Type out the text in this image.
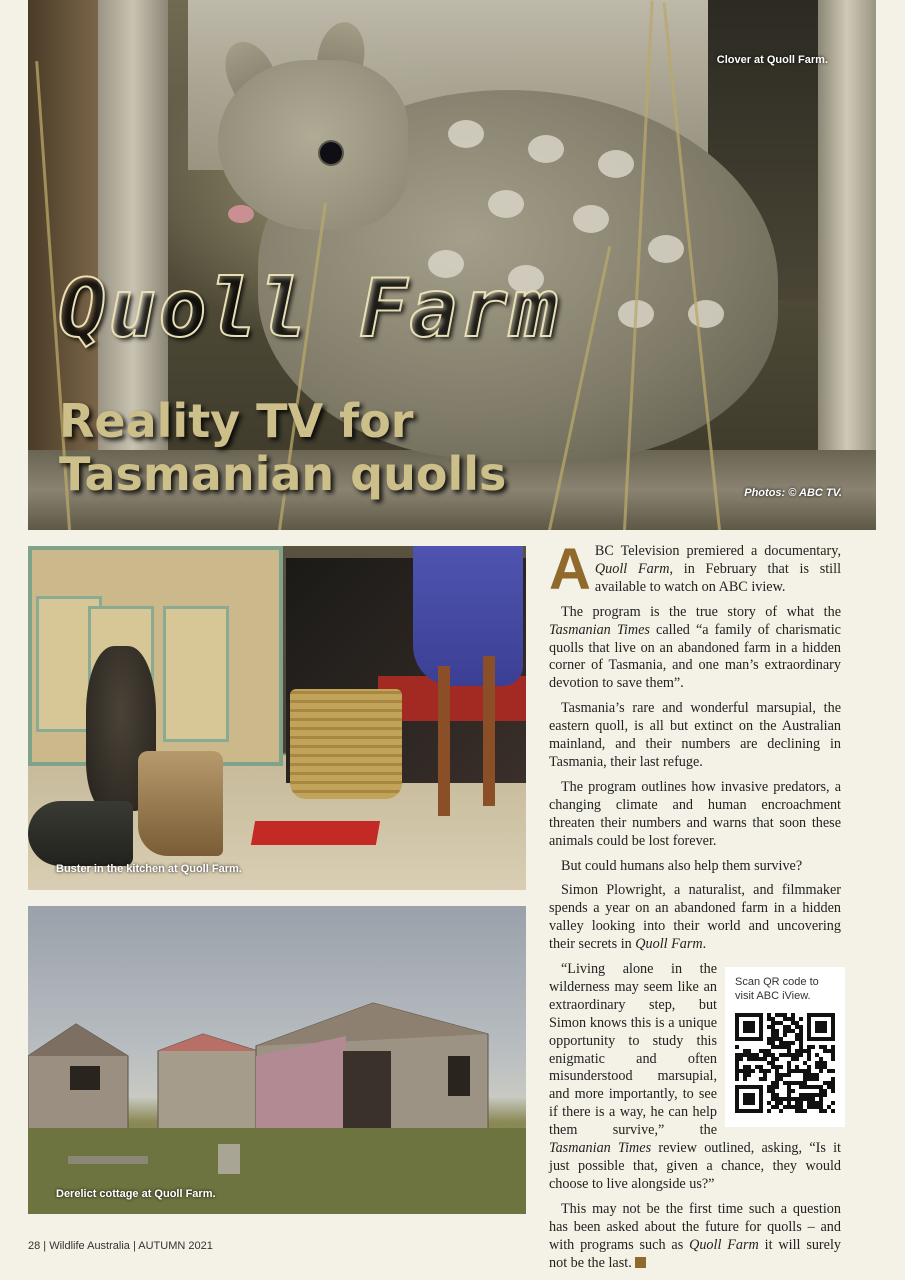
Clover at Quoll Farm.
Quoll Farm
Reality TV for Tasmanian quolls	Photos: © ABC TV.
Buster in the kitchen at Quoll Farm.
Derelict cottage at Quoll Farm.

ABC Television premiered a documentary, Quoll Farm, in February that is still available to watch on ABC iview.

The program is the true story of what the Tasmanian Times called “a family of charismatic quolls that live on an abandoned farm in a hidden corner of Tasmania, and one man’s extraordinary devotion to save them”.

Tasmania’s rare and wonderful marsupial, the eastern quoll, is all but extinct on the Australian mainland, and their numbers are declining in Tasmania, their last refuge.

The program outlines how invasive predators, a changing climate and human encroachment threaten their numbers and warns that soon these animals could be lost forever.

But could humans also help them survive?

Simon Plowright, a naturalist, and filmmaker spends a year on an abandoned farm in a hidden valley looking into their world and uncovering their secrets in Quoll Farm.

Scan QR code to visit ABC iView.
“Living alone in the wilderness may seem like an extraordinary step, but Simon knows this is a unique opportunity to study this enigmatic and often misunderstood marsupial, and more importantly, to see if there is a way, he can help them survive,” the Tasmanian Times review outlined, asking, “Is it just possible that, given a chance, they would choose to live alongside us?”

This may not be the first time such a question has been asked about the future for quolls – and with programs such as Quoll Farm it will surely not be the last.

28 | Wildlife Australia | AUTUMN 2021
